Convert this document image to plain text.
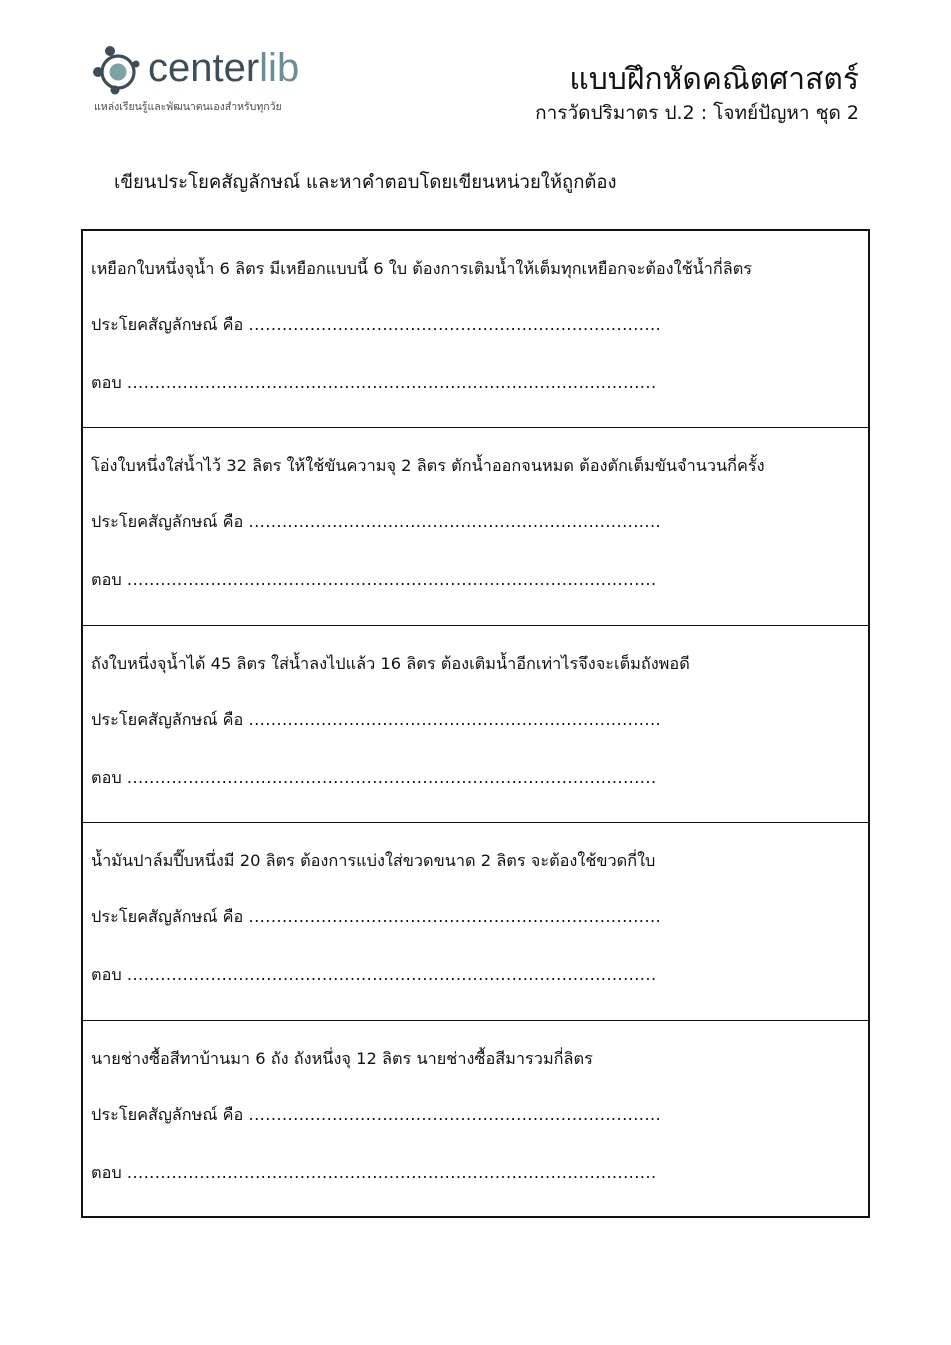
centerlib
แหล่งเรียนรู้และพัฒนาตนเองสำหรับทุกวัย
แบบฝึกหัดคณิตศาสตร์
การวัดปริมาตร ป.2 : โจทย์ปัญหา ชุด 2
เขียนประโยคสัญลักษณ์ และหาคำตอบโดยเขียนหน่วยให้ถูกต้อง
เหยือกใบหนึ่งจุน้ำ 6 ลิตร มีเหยือกแบบนี้ 6 ใบ ต้องการเติมน้ำให้เต็มทุกเหยือกจะต้องใช้น้ำกี่ลิตร
ประโยคสัญลักษณ์ คือ ..........................................................................
ตอบ ...............................................................................................
โอ่งใบหนึ่งใส่น้ำไว้ 32 ลิตร ให้ใช้ขันความจุ 2 ลิตร ตักน้ำออกจนหมด ต้องตักเต็มขันจำนวนกี่ครั้ง
ประโยคสัญลักษณ์ คือ ..........................................................................
ตอบ ...............................................................................................
ถังใบหนึ่งจุน้ำได้ 45 ลิตร ใส่น้ำลงไปแล้ว 16 ลิตร ต้องเติมน้ำอีกเท่าไรจึงจะเต็มถังพอดี
ประโยคสัญลักษณ์ คือ ..........................................................................
ตอบ ...............................................................................................
น้ำมันปาล์มปี๊บหนึ่งมี 20 ลิตร ต้องการแบ่งใส่ขวดขนาด 2 ลิตร จะต้องใช้ขวดกี่ใบ
ประโยคสัญลักษณ์ คือ ..........................................................................
ตอบ ...............................................................................................
นายช่างซื้อสีทาบ้านมา 6 ถัง ถังหนึ่งจุ 12 ลิตร นายช่างซื้อสีมารวมกี่ลิตร
ประโยคสัญลักษณ์ คือ ..........................................................................
ตอบ ...............................................................................................
